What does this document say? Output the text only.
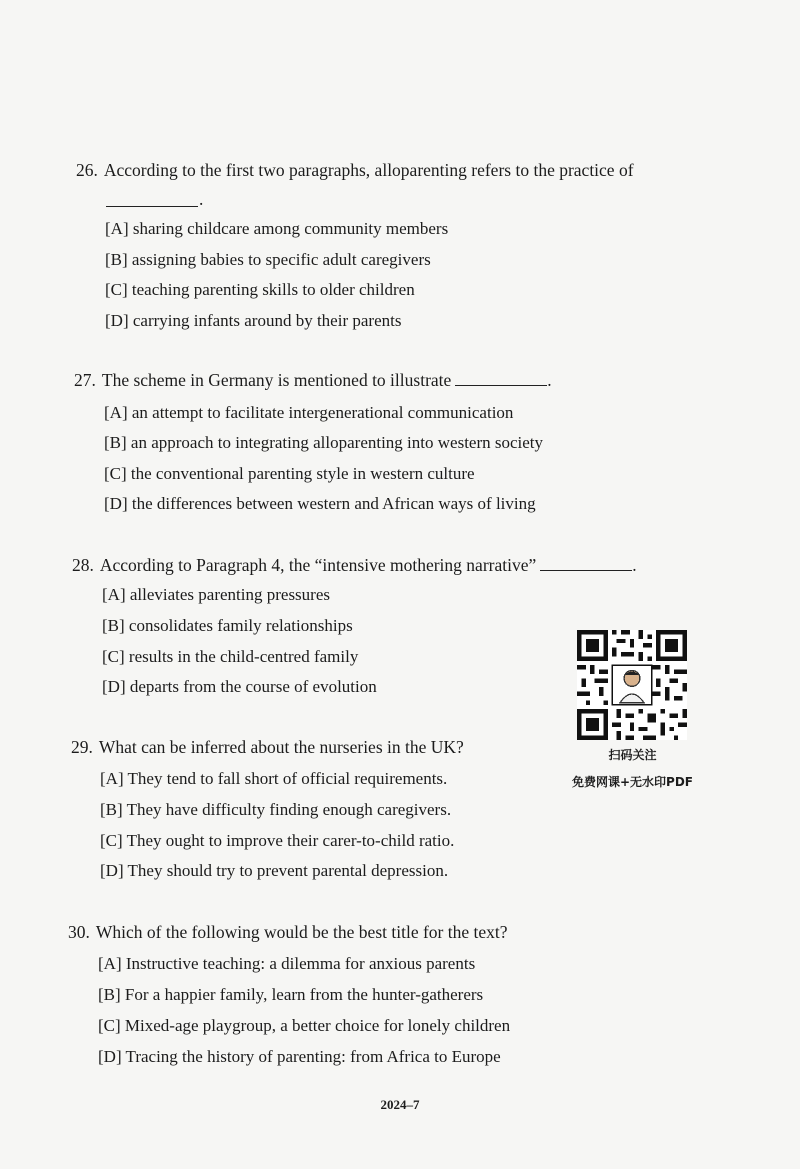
26. According to the first two paragraphs, alloparenting refers to the practice of
.
[A] sharing childcare among community members
[B] assigning babies to specific adult caregivers
[C] teaching parenting skills to older children
[D] carrying infants around by their parents
27. The scheme in Germany is mentioned to illustrate	.
[A] an attempt to facilitate intergenerational communication
[B] an approach to integrating alloparenting into western society
[C] the conventional parenting style in western culture
[D] the differences between western and African ways of living
28. According to Paragraph 4, the “intensive mothering narrative”	.
[A] alleviates parenting pressures
[B] consolidates family relationships
[C] results in the child-centred family
[D] departs from the course of evolution
29. What can be inferred about the nurseries in the UK?
[A] They tend to fall short of official requirements.
[B] They have difficulty finding enough caregivers.
[C] They ought to improve their carer-to-child ratio.
[D] They should try to prevent parental depression.
30. Which of the following would be the best title for the text?
[A] Instructive teaching: a dilemma for anxious parents
[B] For a happier family, learn from the hunter-gatherers
[C] Mixed-age playgroup, a better choice for lonely children
[D] Tracing the history of parenting: from Africa to Europe
扫码关注
免费网课+无水印PDF
2024–7
